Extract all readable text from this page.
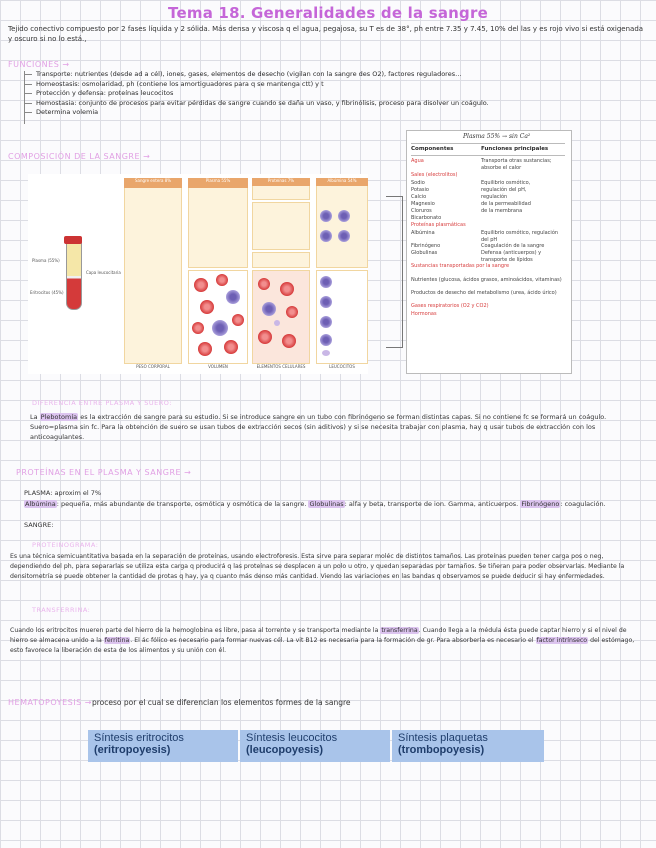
Tema 18. Generalidades de la sangre
Tejido conectivo compuesto por 2 fases líquida y 2 sólida. Más densa y viscosa q el agua, pegajosa, su T es de 38°, ph entre 7.35 y 7.45, 10% del las y es rojo vivo si está oxigenada y oscuro si no lo está.,
FUNCIONES →
Transporte: nutrientes (desde ad a cél), iones, gases, elementos de desecho (vigilan con la sangre des O2), factores reguladores…
Homeostasis: osmolaridad, ph (contiene los amortiguadores para q se mantenga ctt) y t
Protección y defensa: proteínas leucocitos
Hemostasia: conjunto de procesos para evitar pérdidas de sangre cuando se daña un vaso, y fibrinólisis, proceso para disolver un coágulo.
Determina volemia
COMPOSICIÓN DE LA SANGRE →
Plasma (55%)
Capa leucocitaria
Eritrocitos (45%)
Sangre entera 8%
PESO CORPORAL
Plasma 55%
VOLUMEN
Proteínas 7%
ELEMENTOS CELULARES
Albúmina 54%
LEUCOCITOS
Plasma 55% → sin Ca²
Componentes	Funciones principales
Agua	Transporta otras sustancias; absorbe el calor
Sales (electrolitos)
Sodio	Equilibrio osmótico,
Potasio	regulación del pH,
Calcio	regulación
Magnesio	de la permeabilidad
Cloruros	de la membrana
Bicarbonato
Proteínas plasmáticas
Albúmina	Equilibrio osmótico, regulación del pH
Fibrinógeno	Coagulación de la sangre
Globulinas	Defensa (anticuerpos) y transporte de lípidos
Sustancias transportadas por la sangre
Nutrientes (glucosa, ácidos grasos, aminoácidos, vitaminas)
Productos de desecho del metabolismo (urea, ácido úrico)
Gases respiratorios (O2 y CO2)
Hormonas
DIFERENCIA ENTRE PLASMA Y SUERO:
La Plebotomía es la extracción de sangre para su estudio. Si se introduce sangre en un tubo con fibrinógeno se forman distintas capas. Si no contiene fc se formará un coágulo. Suero=plasma sin fc. Para la obtención de suero se usan tubos de extracción secos (sin aditivos) y si se necesita trabajar con plasma, hay q usar tubos de extracción con los anticoagulantes.
PROTEÍNAS EN EL PLASMA Y SANGRE →
PLASMA: aproxim el 7%
Albúmina: pequeña, más abundante de transporte, osmótica y osmótica de la sangre. Globulinas: alfa y beta, transporte de ion. Gamma, anticuerpos. Fibrinógeno: coagulación.
SANGRE:
PROTEINOGRAMA:
Es una técnica semicuantitativa basada en la separación de proteínas, usando electroforesis. Esta sirve para separar moléc de distintos tamaños. Las proteínas pueden tener carga pos o neg, dependiendo del ph, para separarlas se utiliza esta carga q producirá q las proteínas se desplacen a un polo u otro, y quedan separadas por tamaños. Se tiñeran para poder observarlas. Mediante la densitometría se puede obtener la cantidad de protas q hay, ya q cuanto más denso más cantidad. Viendo las variaciones en las bandas q observamos se puede deducir si hay enfermedades.
TRANSFERRINA:
Cuando los eritrocitos mueren parte del hierro de la hemoglobina es libre, pasa al torrente y se transporta mediante la transferrina. Cuando llega a la médula ésta puede captar hierro y si el nivel de hierro se almacena unido a la ferritina. El ác fólico es necesario para formar nuevas cél. La vit B12 es necesaria para la formación de gr. Para absorberla es necesario el factor intrínseco del estómago, esto favorece la liberación de esta de los alimentos y su unión con él.
HEMATOPOYESIS → proceso por el cual se diferencian los elementos formes de la sangre
Síntesis eritrocitos
(eritropoyesis)
Síntesis leucocitos
(leucopoyesis)
Síntesis plaquetas
(trombopoyesis)
